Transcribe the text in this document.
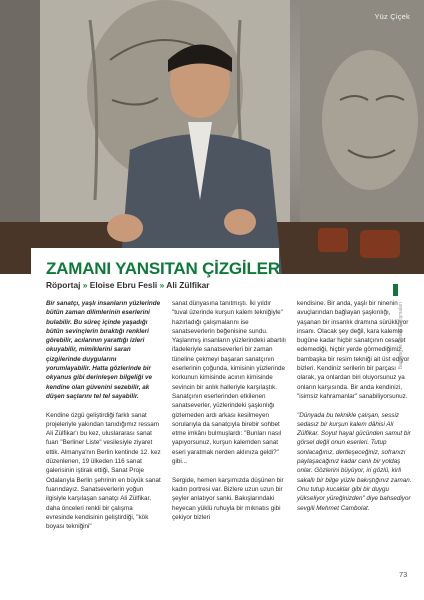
Yüz Çiçek
ZAMANI YANSITAN ÇİZGİLER
Röportaj » Eloise Ebru Fesli » Ali Zülfikar

Bir sanatçı, yaşlı insanların yüzlerinde bütün zaman dilimlerinin eserlerini bulabilir. Bu süreç içinde yaşadığı bütün sevinçlerin bıraktığı renkleri görebilir, acılarının yarattığı izleri okuyabilir, mimiklerini saran çizgilerinde duygularını yorumlayabilir. Hatta gözlerinde bir okyanus gibi derinleşen bilgeliği ve kendine olan güvenini sezebilir, ak düşen saçlarını tel tel sayabilir.

Kendine özgü geliştirdiği farklı sanat projeleriyle yakından tanıdığımız ressam Ali Zülfikar'ı bu kez, uluslararası sanat fuarı "Berliner Liste" vesilesiyle ziyaret ettik. Almanya'nın Berlin kentinde 12. kez düzenlenen, 19 ülkeden 116 sanat galerisinin iştirak ettiği, Sanat Proje Odalarıyla Berlin şehrinin en büyük sanat fuarındayız. Sanatseverlerin yoğun ilgisiyle karşılaşan sanatçı Ali Zülfikar, daha önceleri renkli bir çalışma evresinde kendisinin geliştirdiği, "kök boyası tekniğini"

sanat dünyasına tanıtmıştı. İki yıldır "tuval üzerinde kurşun kalem tekniğiyle" hazırladığı çalışmalarını ise sanatseverlerin beğenisine sundu. Yaşlanmış insanların yüzlerindeki abartılı ifadeleriyle sanatseverleri bir zaman tüneline çekmeyi başaran sanatçının eserlerinin çoğunda, kimisinin yüzlerinde korkunun kimisinde acının kimisinde sevincin bir anlık halleriyle karşılaştık. Sanatçının eserlerinden etkilenen sanatseverler, yüzlerindeki şaşkınlığı gizlemeden ardı arkası kesilmeyen sorularıyla da sanatçıyla birebir sohbet etme imkânı bulmuşlardı: "Bunları nasıl yapıyorsunuz, kurşun kalemden sanat eseri yaratmak nerden aklınıza geldi?" gibi...

Sergide, hemen karşımızda düşünen bir kadın portresi var. Bizlere uzun uzun bir şeyler anlatıyor sanki. Bakışlarındaki heyecan yüklü ruhuyla bir mıknatıs gibi çekiyor bizleri

kendisine. Bir anda, yaşlı bir ninenin avuçlarından bağlayan şaşkınlığı, yaşanan bir insanlık dramına sürüklüyor insanı. Olacak şey değil, kara kalemle bugüne kadar hiçbir sanatçının cesaret edemediği, hiçbir yerde görmediğimiz, bambaşka bir resim tekniği ait üst ediyor bizleri. Kendiniz serilerin bir parçası olarak, ya onlardan biri oluyorsunuz ya onların karşısında. Bir anda kendinizi, "isimsiz kahramanlar" sanabiliyorsunuz.

"Dünyada bu teknikle çalışan, sessiz sedasız bir kurşun kalem dâhisi Ali Zülfikar. Soyut hayal gücünden samut bir görsel değil onun eserleri. Tutup sonlacağınız, dertleşeceğiniz, sofranızı paylaşacağınız kadar canlı bir yoldaş onlar. Gözlerini büyüyor, iri gözlü, kirli sakallı bir bilge yüzle bakıştığınız zaman. Onu tutup kucaklar gibi bir duygu yükseliyor yüreğinizden" diye bahsediyor sevgili Mehmet Cambolat.

Bağlıyor ve Resim Çalışmaları
73
